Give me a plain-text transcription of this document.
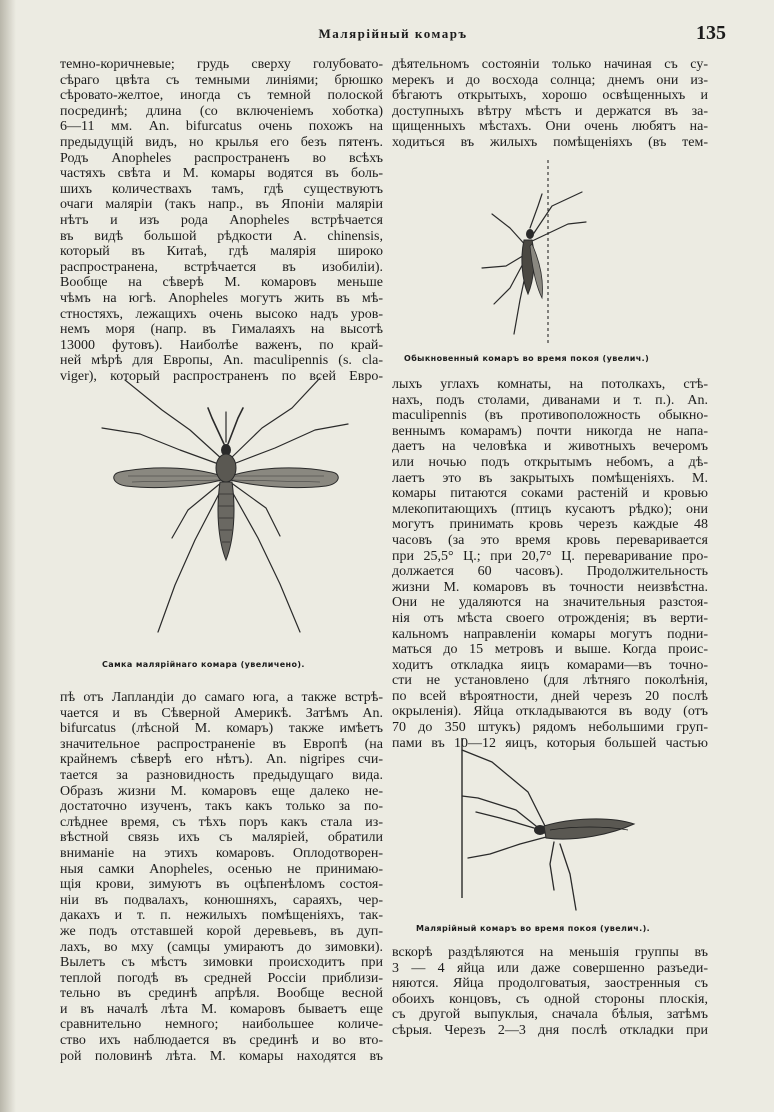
Малярійный комаръ	135

темно-коричневые; грудь сверху голубовато-

сѣраго цвѣта съ темными линіями; брюшко

сѣровато-желтое, иногда съ темной полоской

посрединѣ; длина (со включеніемъ хоботка)

6—11 мм. An. bifurcatus очень похожъ на

предыдущій видъ, но крылья его безъ пятенъ.

Родъ Anopheles распространенъ во всѣхъ

частяхъ свѣта и М. комары водятся въ боль-

шихъ количествахъ тамъ, гдѣ существуютъ

очаги малярiи (такъ напр., въ Японіи малярiи

нѣтъ и изъ рода Anopheles встрѣчается

въ видѣ большой рѣдкости A. chinensis,

который въ Китаѣ, гдѣ малярія широко

распространена, встрѣчается въ изобиліи).

Вообще на сѣверѣ М. комаровъ меньше

чѣмъ на югѣ. Anopheles могутъ жить въ мѣ-

стностяхъ, лежащихъ очень высоко надъ уров-

немъ моря (напр. въ Гималаяхъ на высотѣ

13000 футовъ). Наиболѣе важенъ, по край-

ней мѣрѣ для Европы, An. maculipennis (s. cla-

viger), который распространенъ по всей Евро-

Самка малярійнаго комара (увеличено).

пѣ отъ Лапландіи до самаго юга, а также встрѣ-

чается и въ Сѣверной Америкѣ. Затѣмъ An.

bifurcatus (лѣсной М. комаръ) также имѣетъ

значительное распространеніе въ Европѣ (на

крайнемъ сѣверѣ его нѣтъ). An. nigripes счи-

тается за разновидность предыдущаго вида.

Образъ жизни М. комаровъ еще далеко не-

достаточно изученъ, такъ какъ только за по-

слѣднее время, съ тѣхъ поръ какъ стала из-

вѣстной связь ихъ съ малярiей, обратили

вниманіе на этихъ комаровъ. Оплодотворен-

ныя самки Anopheles, осенью не принимаю-

щія крови, зимуютъ въ оцѣпенѣломъ состоя-

ніи въ подвалахъ, конюшняхъ, сараяхъ, чер-

дакахъ и т. п. нежилыхъ помѣщеніяхъ, так-

же подъ отставшей корой деревьевъ, въ дуп-

лахъ, во мху (самцы умираютъ до зимовки).

Вылетъ съ мѣстъ зимовки происходитъ при

теплой погодѣ въ средней Россіи приблизи-

тельно въ срединѣ апрѣля. Вообще весной

и въ началѣ лѣта М. комаровъ бываетъ еще

сравнительно немного; наибольшее количе-

ство ихъ наблюдается въ срединѣ и во вто-

рой половинѣ лѣта. М. комары находятся въ

дѣятельномъ состояніи только начиная съ су-

мерекъ и до восхода солнца; днемъ они из-

бѣгаютъ открытыхъ, хорошо освѣщенныхъ и

доступныхъ вѣтру мѣстъ и держатся въ за-

щищенныхъ мѣстахъ. Они очень любятъ на-

ходиться въ жилыхъ помѣщеніяхъ (въ тем-

Обыкновенный комаръ во время покоя (увелич.)

лыхъ углахъ комнаты, на потолкахъ, стѣ-

нахъ, подъ столами, диванами и т. п.). An.

maculipennis (въ противоположность обыкно-

веннымъ комарамъ) почти никогда не напа-

даетъ на человѣка и животныхъ вечеромъ

или ночью подъ открытымъ небомъ, а дѣ-

лаетъ это въ закрытыхъ помѣщеніяхъ. М.

комары питаются соками растеній и кровью

млекопитающихъ (птицъ кусаютъ рѣдко); они

могутъ принимать кровь черезъ каждые 48

часовъ (за это время кровь переваривается

при 25,5° Ц.; при 20,7° Ц. переваривание про-

должается 60 часовъ). Продолжительность

жизни М. комаровъ въ точности неизвѣстна.

Они не удаляются на значительныя разстоя-

нія отъ мѣста своего отрожденія; въ верти-

кальномъ направленіи комары могутъ подни-

маться до 15 метровъ и выше. Когда проис-

ходитъ откладка яицъ комарами—въ точно-

сти не установлено (для лѣтняго поколѣнія,

по всей вѣроятности, дней черезъ 20 послѣ

окрыленія). Яйца откладываются въ воду (отъ

70 до 350 штукъ) рядомъ небольшими груп-

пами въ 10—12 яицъ, которыя большей частью

Малярійный комаръ во время покоя (увелич.).

вскорѣ раздѣляются на меньшія группы въ

3 — 4 яйца или даже совершенно разъеди-

няются. Яйца продолговатыя, заостренныя съ

обоихъ концовъ, съ одной стороны плоскія,

съ другой выпуклыя, сначала бѣлыя, затѣмъ

сѣрыя. Черезъ 2—3 дня послѣ откладки при
